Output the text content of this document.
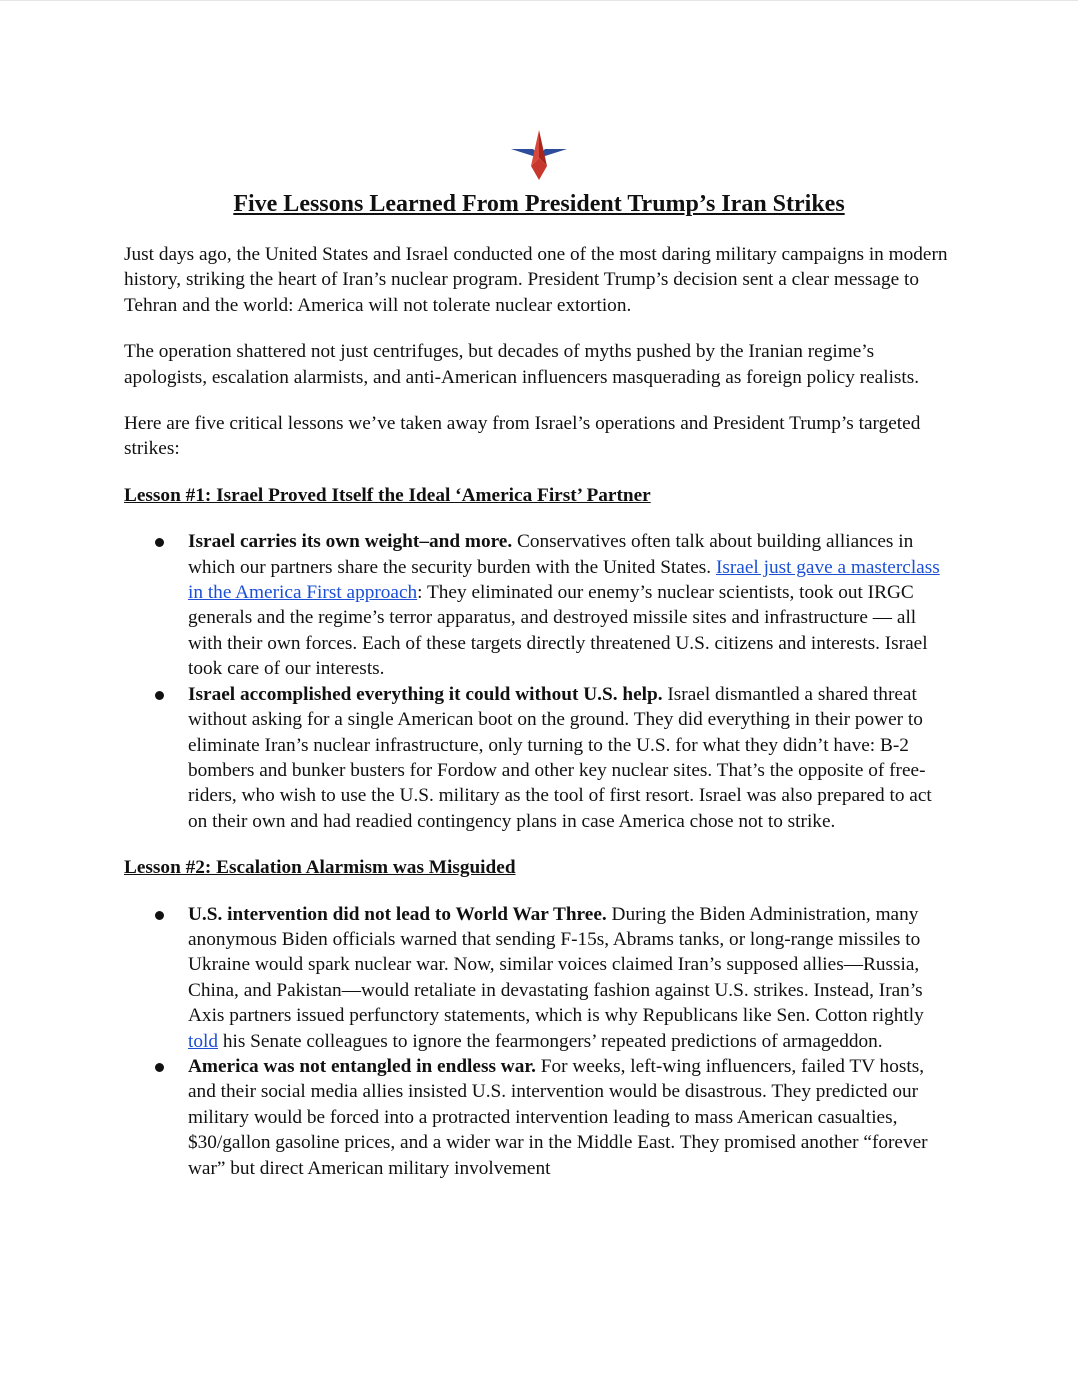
Five Lessons Learned From President Trump’s Iran Strikes

Just days ago, the United States and Israel conducted one of the most daring military campaigns in modern history, striking the heart of Iran’s nuclear program. President Trump’s decision sent a clear message to Tehran and the world: America will not tolerate nuclear extortion.

The operation shattered not just centrifuges, but decades of myths pushed by the Iranian regime’s apologists, escalation alarmists, and anti-American influencers masquerading as foreign policy realists.

Here are five critical lessons we’ve taken away from Israel’s operations and President Trump’s targeted strikes:

Lesson #1: Israel Proved Itself the Ideal ‘America First’ Partner

Israel carries its own weight–and more. Conservatives often talk about building alliances in which our partners share the security burden with the United States. Israel just gave a masterclass in the America First approach: They eliminated our enemy’s nuclear scientists, took out IRGC generals and the regime’s terror apparatus, and destroyed missile sites and infrastructure — all with their own forces. Each of these targets directly threatened U.S. citizens and interests. Israel took care of our interests.
Israel accomplished everything it could without U.S. help. Israel dismantled a shared threat without asking for a single American boot on the ground. They did everything in their power to eliminate Iran’s nuclear infrastructure, only turning to the U.S. for what they didn’t have: B-2 bombers and bunker busters for Fordow and other key nuclear sites. That’s the opposite of free-riders, who wish to use the U.S. military as the tool of first resort. Israel was also prepared to act on their own and had readied contingency plans in case America chose not to strike.

Lesson #2: Escalation Alarmism was Misguided

U.S. intervention did not lead to World War Three. During the Biden Administration, many anonymous Biden officials warned that sending F-15s, Abrams tanks, or long-range missiles to Ukraine would spark nuclear war. Now, similar voices claimed Iran’s supposed allies—Russia, China, and Pakistan—would retaliate in devastating fashion against U.S. strikes. Instead, Iran’s Axis partners issued perfunctory statements, which is why Republicans like Sen. Cotton rightly told his Senate colleagues to ignore the fearmongers’ repeated predictions of armageddon.
America was not entangled in endless war. For weeks, left-wing influencers, failed TV hosts, and their social media allies insisted U.S. intervention would be disastrous. They predicted our military would be forced into a protracted intervention leading to mass American casualties, $30/gallon gasoline prices, and a wider war in the Middle East. They promised another “forever war” but direct American military involvement
